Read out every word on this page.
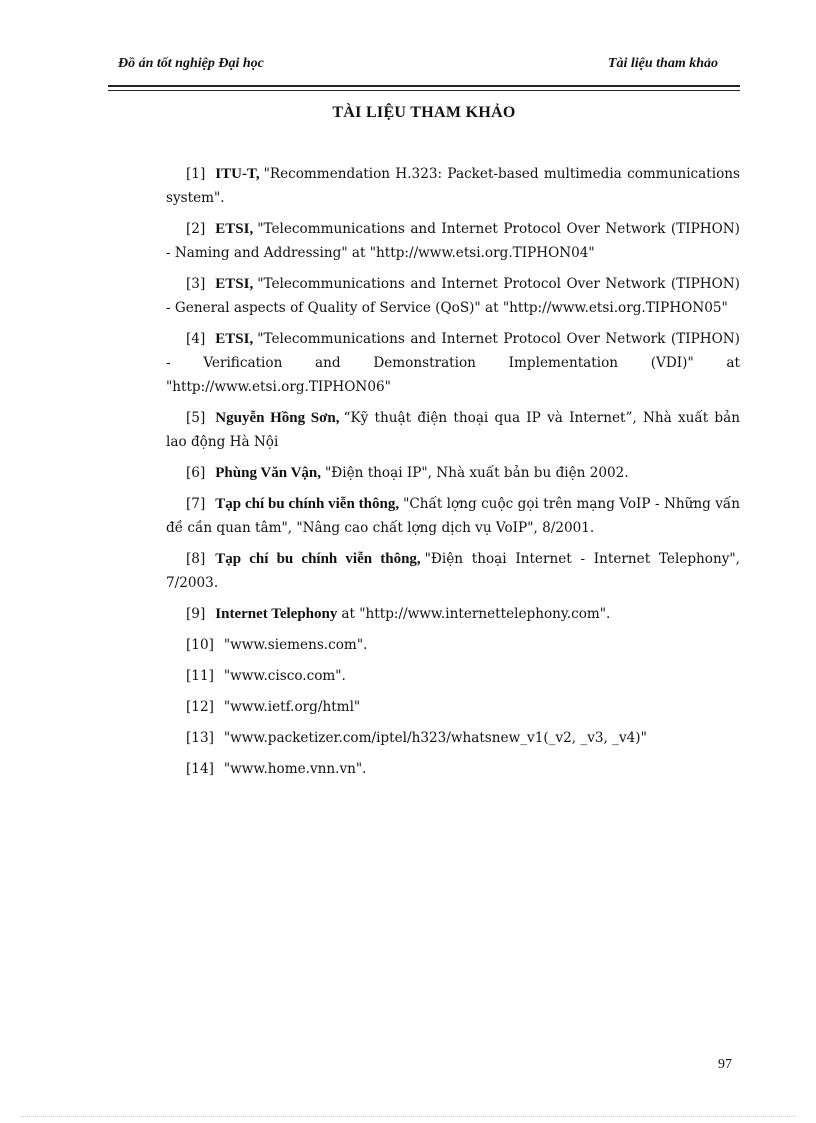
Đồ án tốt nghiệp Đại học	Tài liệu tham khảo
TÀI LIỆU THAM KHẢO

[1] ITU-T, "Recommendation H.323: Packet-based multimedia communications system".

[2] ETSI, "Telecommunications and Internet Protocol Over Network (TIPHON) - Naming and Addressing" at "http://www.etsi.org.TIPHON04"

[3] ETSI, "Telecommunications and Internet Protocol Over Network (TIPHON) - General aspects of Quality of Service (QoS)" at "http://www.etsi.org.TIPHON05"

[4] ETSI, "Telecommunications and Internet Protocol Over Network (TIPHON) - Verification and Demonstration Implementation (VDI)" at "http://www.etsi.org.TIPHON06"

[5] Nguyễn Hồng Sơn, “Kỹ thuật điện thoại qua IP và Internet”, Nhà xuất bản lao động Hà Nội

[6] Phùng Văn Vận, "Điện thoại IP", Nhà xuất bản bu điện 2002.

[7] Tạp chí bu chính viễn thông, "Chất lợng cuộc gọi trên mạng VoIP - Những vấn đề cần quan tâm", "Nâng cao chất lợng dịch vụ VoIP", 8/2001.

[8] Tạp chí bu chính viễn thông, "Điện thoại Internet - Internet Telephony", 7/2003.

[9] Internet Telephony at "http://www.internettelephony.com".

[10] "www.siemens.com".

[11] "www.cisco.com".

[12] "www.ietf.org/html"

[13] "www.packetizer.com/iptel/h323/whatsnew_v1(_v2, _v3, _v4)"

[14] "www.home.vnn.vn".

97
